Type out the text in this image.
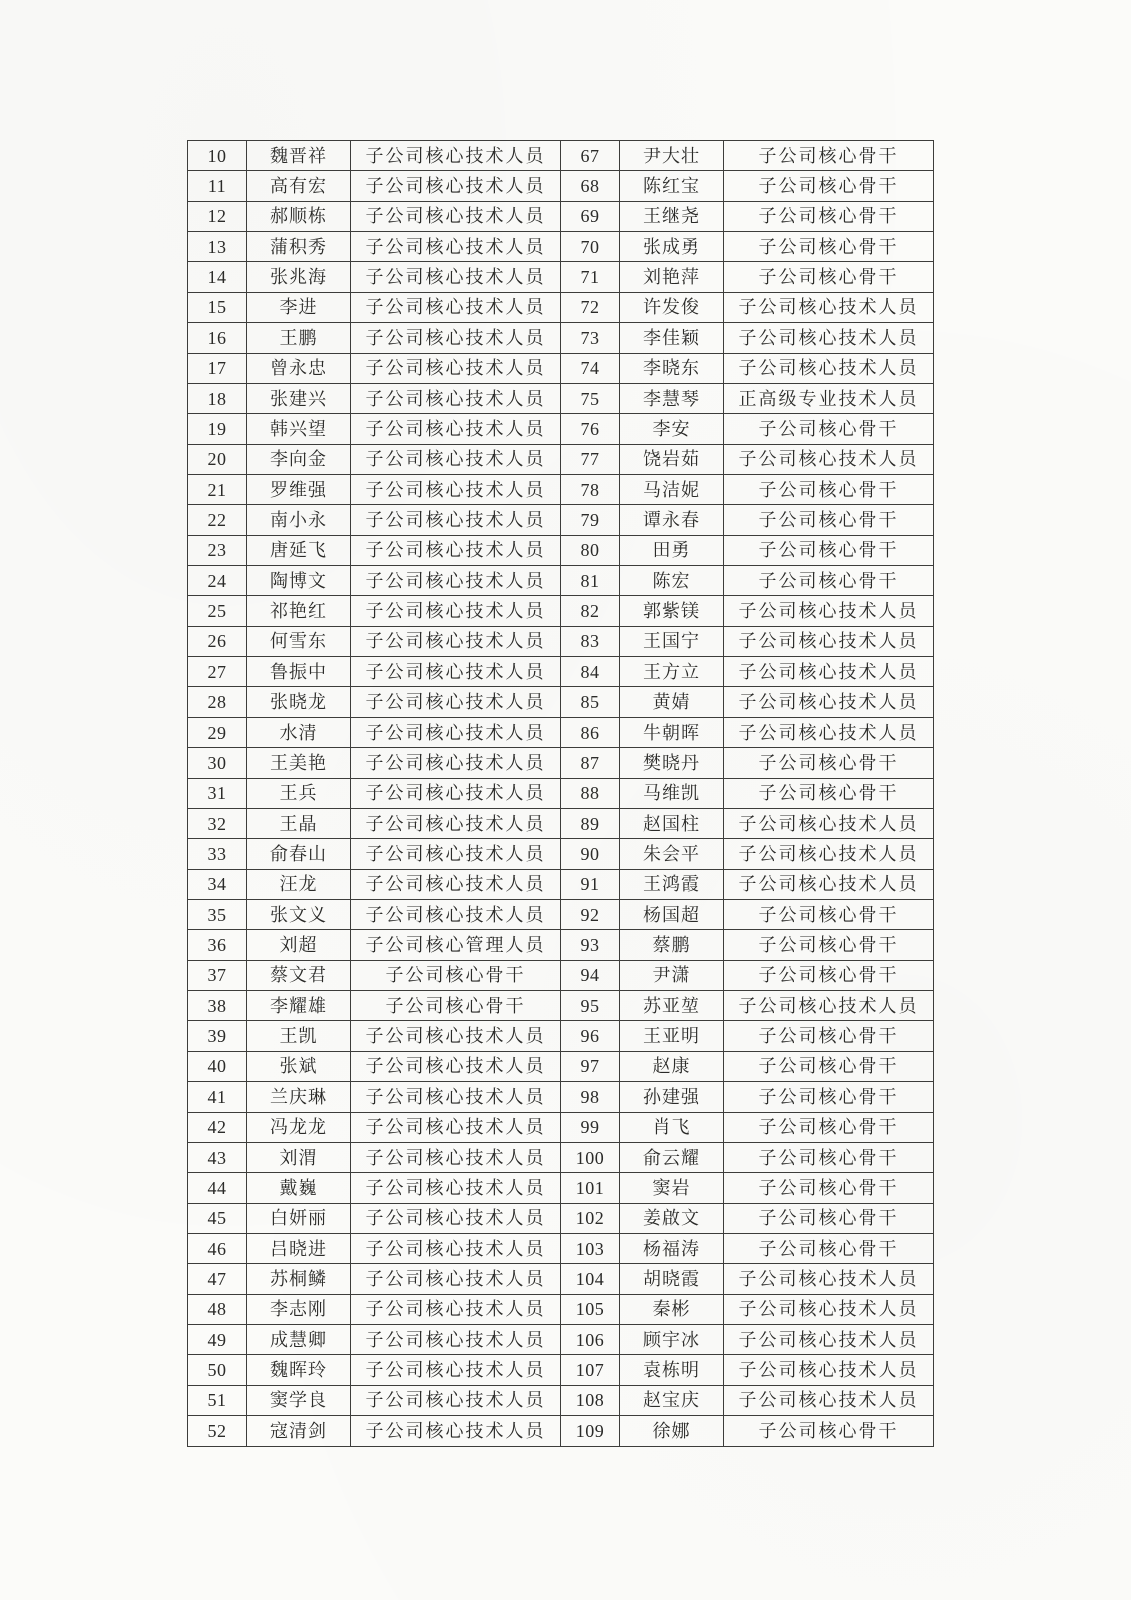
10	魏晋祥	子公司核心技术人员	67	尹大壮	子公司核心骨干
11	高有宏	子公司核心技术人员	68	陈红宝	子公司核心骨干
12	郝顺栋	子公司核心技术人员	69	王继尧	子公司核心骨干
13	蒲积秀	子公司核心技术人员	70	张成勇	子公司核心骨干
14	张兆海	子公司核心技术人员	71	刘艳萍	子公司核心骨干
15	李进	子公司核心技术人员	72	许发俊	子公司核心技术人员
16	王鹏	子公司核心技术人员	73	李佳颖	子公司核心技术人员
17	曾永忠	子公司核心技术人员	74	李晓东	子公司核心技术人员
18	张建兴	子公司核心技术人员	75	李慧琴	正高级专业技术人员
19	韩兴望	子公司核心技术人员	76	李安	子公司核心骨干
20	李向金	子公司核心技术人员	77	饶岩茹	子公司核心技术人员
21	罗维强	子公司核心技术人员	78	马洁妮	子公司核心骨干
22	南小永	子公司核心技术人员	79	谭永春	子公司核心骨干
23	唐延飞	子公司核心技术人员	80	田勇	子公司核心骨干
24	陶博文	子公司核心技术人员	81	陈宏	子公司核心骨干
25	祁艳红	子公司核心技术人员	82	郭紫镁	子公司核心技术人员
26	何雪东	子公司核心技术人员	83	王国宁	子公司核心技术人员
27	鲁振中	子公司核心技术人员	84	王方立	子公司核心技术人员
28	张晓龙	子公司核心技术人员	85	黄婧	子公司核心技术人员
29	水清	子公司核心技术人员	86	牛朝晖	子公司核心技术人员
30	王美艳	子公司核心技术人员	87	樊晓丹	子公司核心骨干
31	王兵	子公司核心技术人员	88	马维凯	子公司核心骨干
32	王晶	子公司核心技术人员	89	赵国柱	子公司核心技术人员
33	俞春山	子公司核心技术人员	90	朱会平	子公司核心技术人员
34	汪龙	子公司核心技术人员	91	王鸿霞	子公司核心技术人员
35	张文义	子公司核心技术人员	92	杨国超	子公司核心骨干
36	刘超	子公司核心管理人员	93	蔡鹏	子公司核心骨干
37	蔡文君	子公司核心骨干	94	尹潇	子公司核心骨干
38	李耀雄	子公司核心骨干	95	苏亚堃	子公司核心技术人员
39	王凯	子公司核心技术人员	96	王亚明	子公司核心骨干
40	张斌	子公司核心技术人员	97	赵康	子公司核心骨干
41	兰庆琳	子公司核心技术人员	98	孙建强	子公司核心骨干
42	冯龙龙	子公司核心技术人员	99	肖飞	子公司核心骨干
43	刘渭	子公司核心技术人员	100	俞云耀	子公司核心骨干
44	戴巍	子公司核心技术人员	101	窦岩	子公司核心骨干
45	白妍丽	子公司核心技术人员	102	姜啟文	子公司核心骨干
46	吕晓进	子公司核心技术人员	103	杨福涛	子公司核心骨干
47	苏桐鳞	子公司核心技术人员	104	胡晓霞	子公司核心技术人员
48	李志刚	子公司核心技术人员	105	秦彬	子公司核心技术人员
49	成慧卿	子公司核心技术人员	106	顾宇冰	子公司核心技术人员
50	魏晖玲	子公司核心技术人员	107	袁栋明	子公司核心技术人员
51	窦学良	子公司核心技术人员	108	赵宝庆	子公司核心技术人员
52	寇清剑	子公司核心技术人员	109	徐娜	子公司核心骨干
